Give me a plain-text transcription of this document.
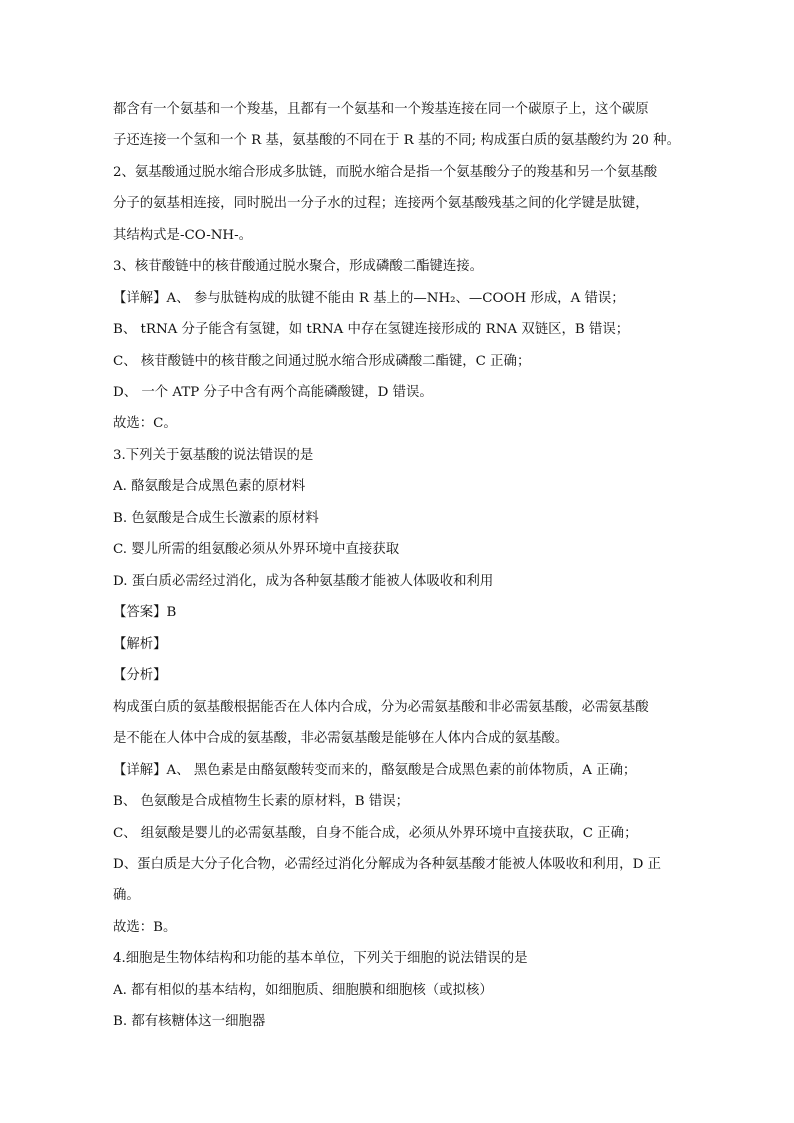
都含有一个氨基和一个羧基，且都有一个氨基和一个羧基连接在同一个碳原子上，这个碳原
子还连接一个氢和一个 R 基，氨基酸的不同在于 R 基的不同; 构成蛋白质的氨基酸约为 20 种。
2、氨基酸通过脱水缩合形成多肽链，而脱水缩合是指一个氨基酸分子的羧基和另一个氨基酸
分子的氨基相连接，同时脱出一分子水的过程；连接两个氨基酸残基之间的化学键是肽键，
其结构式是-CO-NH-。
3、核苷酸链中的核苷酸通过脱水聚合，形成磷酸二酯键连接。
【详解】A、 参与肽链构成的肽键不能由 R 基上的—NH₂、—COOH 形成，A 错误；
B、 tRNA 分子能含有氢键，如 tRNA 中存在氢键连接形成的 RNA 双链区，B 错误；
C、 核苷酸链中的核苷酸之间通过脱水缩合形成磷酸二酯键，C 正确；
D、 一个 ATP 分子中含有两个高能磷酸键，D 错误。
故选：C。
3.下列关于氨基酸的说法错误的是
A. 酪氨酸是合成黑色素的原材料
B. 色氨酸是合成生长激素的原材料
C. 婴儿所需的组氨酸必须从外界环境中直接获取
D. 蛋白质必需经过消化，成为各种氨基酸才能被人体吸收和利用
【答案】B
【解析】
【分析】
构成蛋白质的氨基酸根据能否在人体内合成，分为必需氨基酸和非必需氨基酸，必需氨基酸
是不能在人体中合成的氨基酸，非必需氨基酸是能够在人体内合成的氨基酸。
【详解】A、 黑色素是由酪氨酸转变而来的，酪氨酸是合成黑色素的前体物质，A 正确；
B、 色氨酸是合成植物生长素的原材料，B 错误；
C、 组氨酸是婴儿的必需氨基酸，自身不能合成，必须从外界环境中直接获取，C 正确；
D、蛋白质是大分子化合物，必需经过消化分解成为各种氨基酸才能被人体吸收和利用，D 正
确。
故选：B。
4.细胞是生物体结构和功能的基本单位，下列关于细胞的说法错误的是
A. 都有相似的基本结构，如细胞质、细胞膜和细胞核（或拟核）
B. 都有核糖体这一细胞器
